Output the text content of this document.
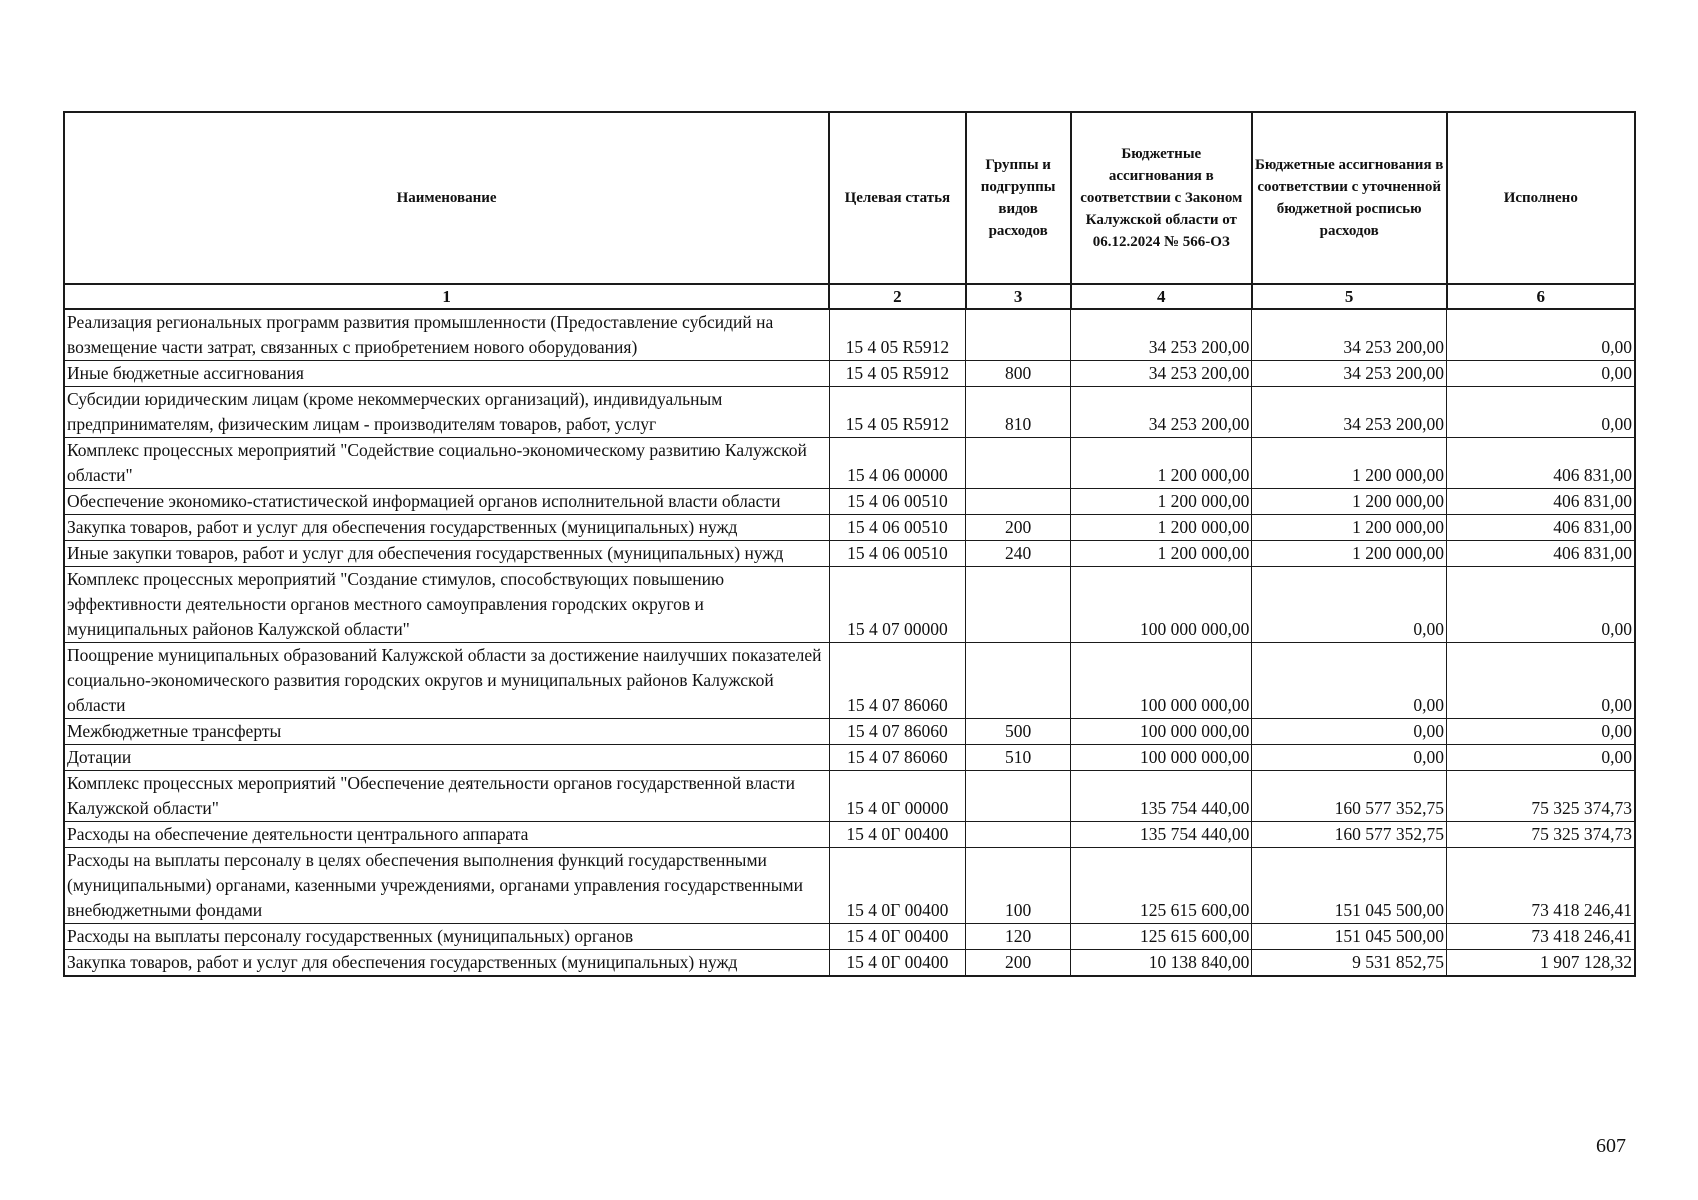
Наименование	Целевая статья	Группы и подгруппы видов расходов	Бюджетные ассигнования в соответствии с Законом Калужской области от 06.12.2024 № 566-ОЗ	Бюджетные ассигнования в соответствии с уточненной бюджетной росписью расходов	Исполнено
1	2	3	4	5	6
Реализация региональных программ развития промышленности (Предоставление субсидий на возмещение части затрат, связанных с приобретением нового оборудования)	15 4 05 R5912		34 253 200,00	34 253 200,00	0,00
Иные бюджетные ассигнования	15 4 05 R5912	800	34 253 200,00	34 253 200,00	0,00
Субсидии юридическим лицам (кроме некоммерческих организаций), индивидуальным предпринимателям, физическим лицам - производителям товаров, работ, услуг	15 4 05 R5912	810	34 253 200,00	34 253 200,00	0,00
Комплекс процессных мероприятий "Содействие социально-экономическому развитию Калужской области"	15 4 06 00000		1 200 000,00	1 200 000,00	406 831,00
Обеспечение экономико-статистической информацией органов исполнительной власти области	15 4 06 00510		1 200 000,00	1 200 000,00	406 831,00
Закупка товаров, работ и услуг для обеспечения государственных (муниципальных) нужд	15 4 06 00510	200	1 200 000,00	1 200 000,00	406 831,00
Иные закупки товаров, работ и услуг для обеспечения государственных (муниципальных) нужд	15 4 06 00510	240	1 200 000,00	1 200 000,00	406 831,00
Комплекс процессных мероприятий "Создание стимулов, способствующих повышению эффективности деятельности органов местного самоуправления городских округов и муниципальных районов Калужской области"	15 4 07 00000		100 000 000,00	0,00	0,00
Поощрение муниципальных образований Калужской области за достижение наилучших показателей социально-экономического развития городских округов и муниципальных районов Калужской области	15 4 07 86060		100 000 000,00	0,00	0,00
Межбюджетные трансферты	15 4 07 86060	500	100 000 000,00	0,00	0,00
Дотации	15 4 07 86060	510	100 000 000,00	0,00	0,00
Комплекс процессных мероприятий "Обеспечение деятельности органов государственной власти Калужской области"	15 4 0Г 00000		135 754 440,00	160 577 352,75	75 325 374,73
Расходы на обеспечение деятельности центрального аппарата	15 4 0Г 00400		135 754 440,00	160 577 352,75	75 325 374,73
Расходы на выплаты персоналу в целях обеспечения выполнения функций государственными (муниципальными) органами, казенными учреждениями, органами управления государственными внебюджетными фондами	15 4 0Г 00400	100	125 615 600,00	151 045 500,00	73 418 246,41
Расходы на выплаты персоналу государственных (муниципальных) органов	15 4 0Г 00400	120	125 615 600,00	151 045 500,00	73 418 246,41
Закупка товаров, работ и услуг для обеспечения государственных (муниципальных) нужд	15 4 0Г 00400	200	10 138 840,00	9 531 852,75	1 907 128,32
607
